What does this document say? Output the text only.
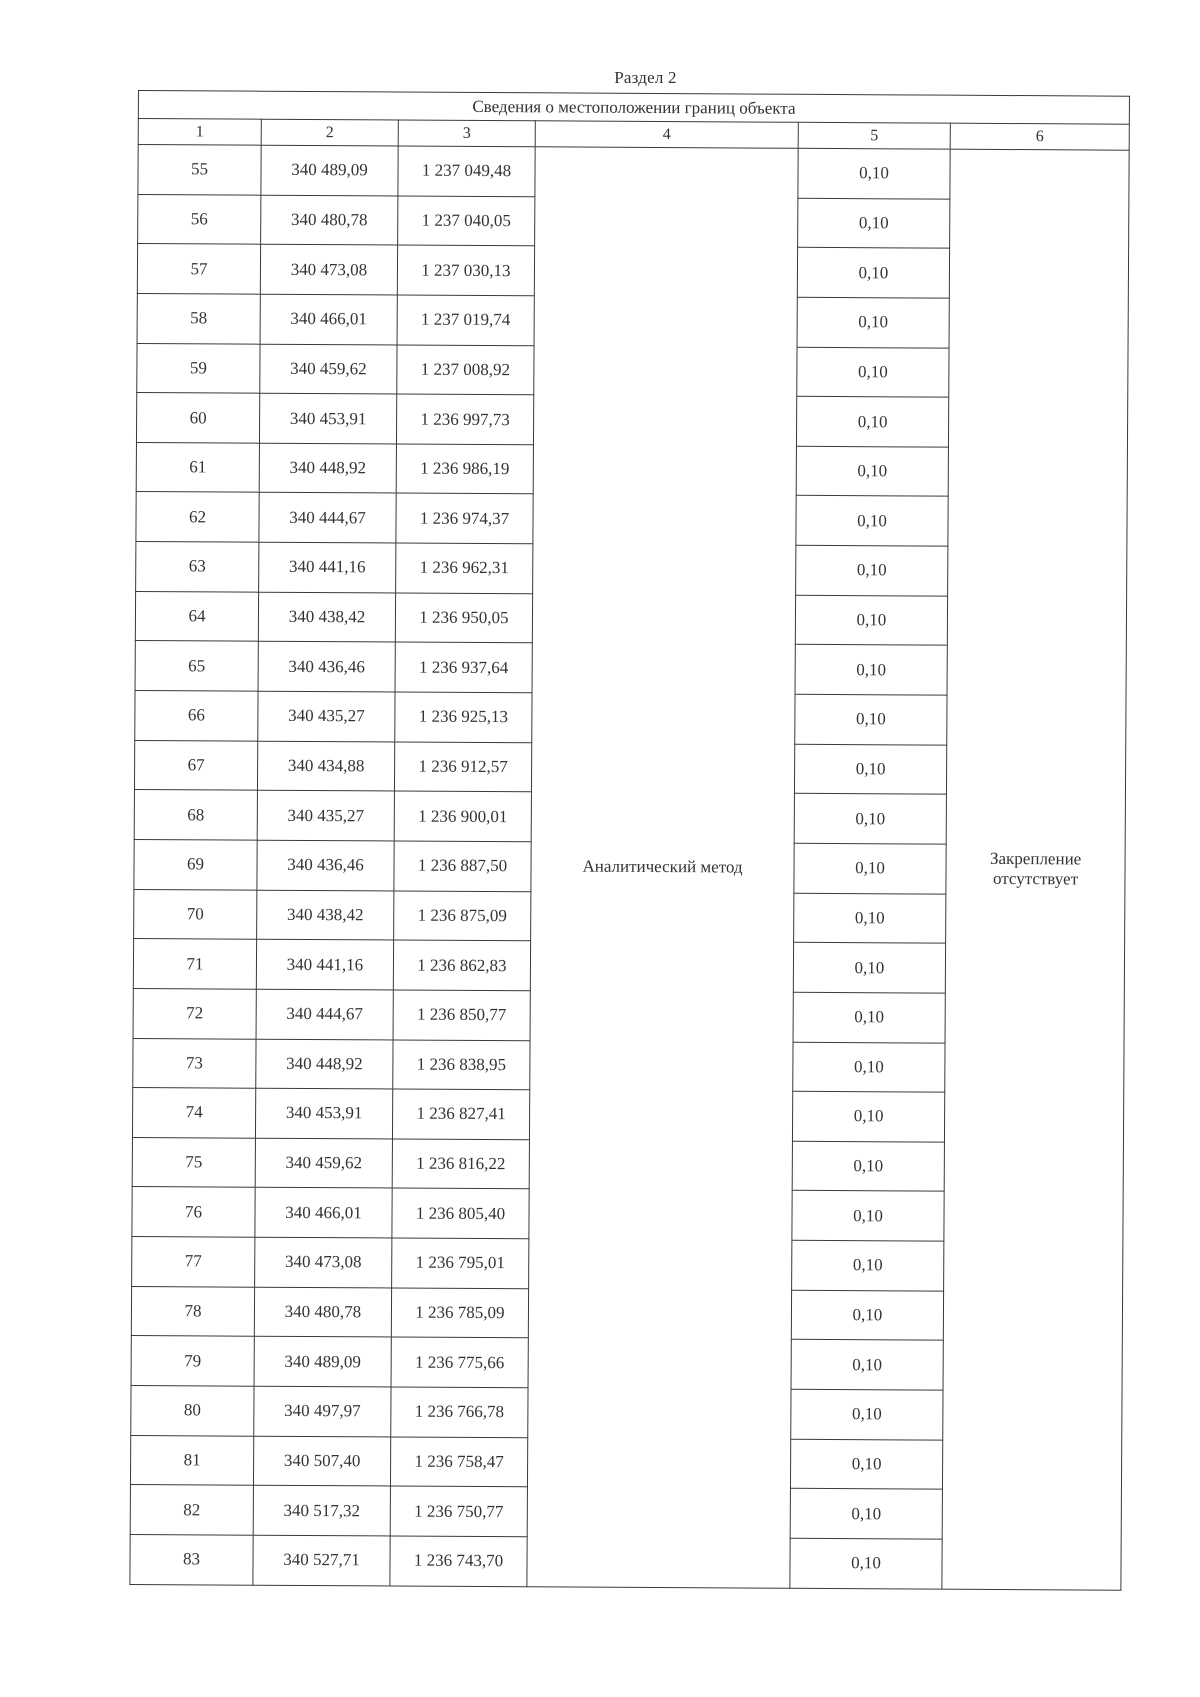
Раздел 2
Сведения о местоположении границ объекта					
1	2	3	4	5	6
55	340 489,09	1 237 049,48	Аналитический метод	0,10	Закрепление отсутствует
56	340 480,78	1 237 040,05		0,10	
57	340 473,08	1 237 030,13		0,10	
58	340 466,01	1 237 019,74		0,10	
59	340 459,62	1 237 008,92		0,10	
60	340 453,91	1 236 997,73		0,10	
61	340 448,92	1 236 986,19		0,10	
62	340 444,67	1 236 974,37		0,10	
63	340 441,16	1 236 962,31		0,10	
64	340 438,42	1 236 950,05		0,10	
65	340 436,46	1 236 937,64		0,10	
66	340 435,27	1 236 925,13		0,10	
67	340 434,88	1 236 912,57		0,10	
68	340 435,27	1 236 900,01		0,10	
69	340 436,46	1 236 887,50		0,10	
70	340 438,42	1 236 875,09		0,10	
71	340 441,16	1 236 862,83		0,10	
72	340 444,67	1 236 850,77		0,10	
73	340 448,92	1 236 838,95		0,10	
74	340 453,91	1 236 827,41		0,10	
75	340 459,62	1 236 816,22		0,10	
76	340 466,01	1 236 805,40		0,10	
77	340 473,08	1 236 795,01		0,10	
78	340 480,78	1 236 785,09		0,10	
79	340 489,09	1 236 775,66		0,10	
80	340 497,97	1 236 766,78		0,10	
81	340 507,40	1 236 758,47		0,10	
82	340 517,32	1 236 750,77		0,10	
83	340 527,71	1 236 743,70		0,10	
